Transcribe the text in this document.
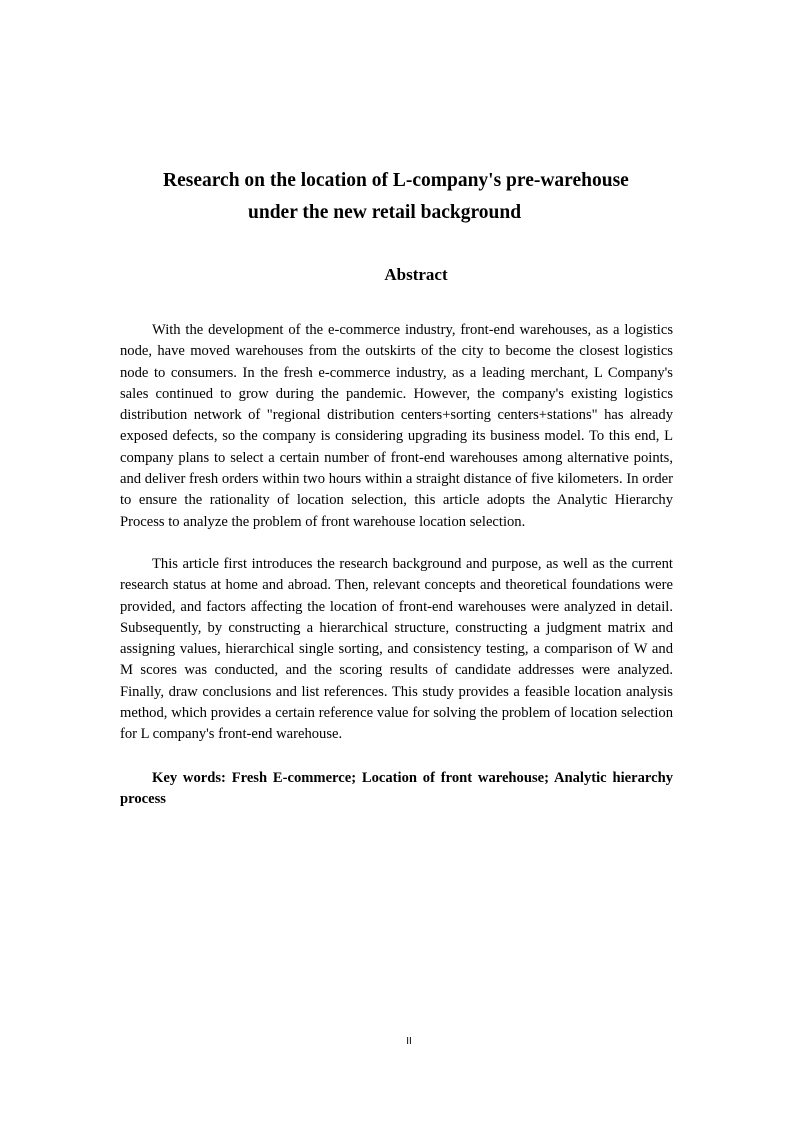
Research on the location of L-company's pre-warehouse
under the new retail background
Abstract

With the development of the e-commerce industry, front-end warehouses, as a logistics node, have moved warehouses from the outskirts of the city to become the closest logistics node to consumers. In the fresh e-commerce industry, as a leading merchant, L Company's sales continued to grow during the pandemic. However, the company's existing logistics distribution network of "regional distribution centers+sorting centers+stations" has already exposed defects, so the company is considering upgrading its business model. To this end, L company plans to select a certain number of front-end warehouses among alternative points, and deliver fresh orders within two hours within a straight distance of five kilometers. In order to ensure the rationality of location selection, this article adopts the Analytic Hierarchy Process to analyze the problem of front warehouse location selection.

This article first introduces the research background and purpose, as well as the current research status at home and abroad. Then, relevant concepts and theoretical foundations were provided, and factors affecting the location of front-end warehouses were analyzed in detail. Subsequently, by constructing a hierarchical structure, constructing a judgment matrix and assigning values, hierarchical single sorting, and consistency testing, a comparison of W and M scores was conducted, and the scoring results of candidate addresses were analyzed. Finally, draw conclusions and list references. This study provides a feasible location analysis method, which provides a certain reference value for solving the problem of location selection for L company's front-end warehouse.

Key words: Fresh E-commerce; Location of front warehouse; Analytic hierarchy process
II
